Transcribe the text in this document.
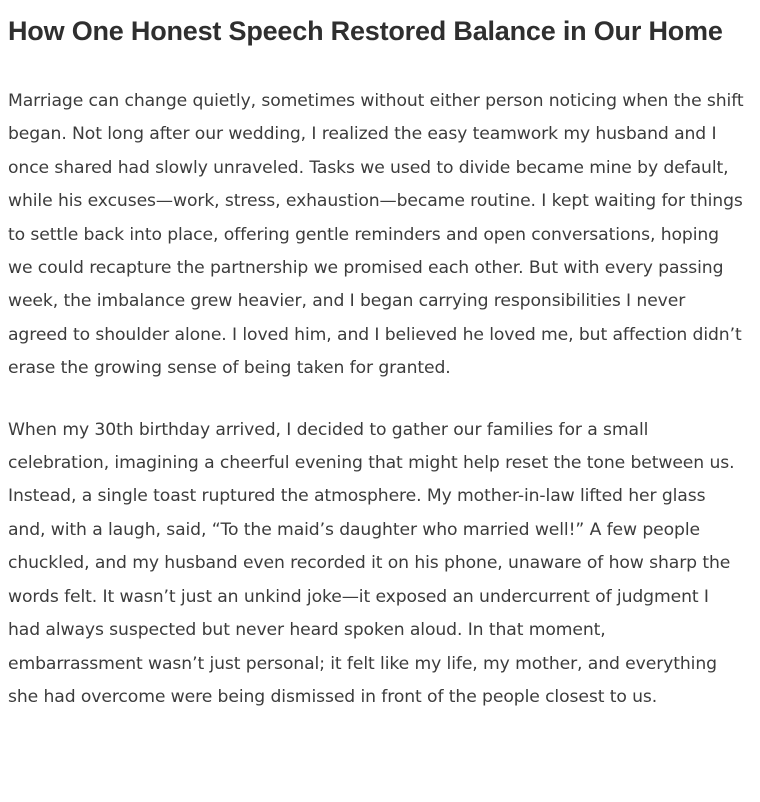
How One Honest Speech Restored Balance in Our Home

Marriage can change quietly, sometimes without either person noticing when the shift began. Not long after our wedding, I realized the easy teamwork my husband and I once shared had slowly unraveled. Tasks we used to divide became mine by default, while his excuses—work, stress, exhaustion—became routine. I kept waiting for things to settle back into place, offering gentle reminders and open conversations, hoping we could recapture the partnership we promised each other. But with every passing week, the imbalance grew heavier, and I began carrying responsibilities I never agreed to shoulder alone. I loved him, and I believed he loved me, but affection didn’t erase the growing sense of being taken for granted.

When my 30th birthday arrived, I decided to gather our families for a small celebration, imagining a cheerful evening that might help reset the tone between us. Instead, a single toast ruptured the atmosphere. My mother-in-law lifted her glass and, with a laugh, said, “To the maid’s daughter who married well!” A few people chuckled, and my husband even recorded it on his phone, unaware of how sharp the words felt. It wasn’t just an unkind joke—it exposed an undercurrent of judgment I had always suspected but never heard spoken aloud. In that moment, embarrassment wasn’t just personal; it felt like my life, my mother, and everything she had overcome were being dismissed in front of the people closest to us.
